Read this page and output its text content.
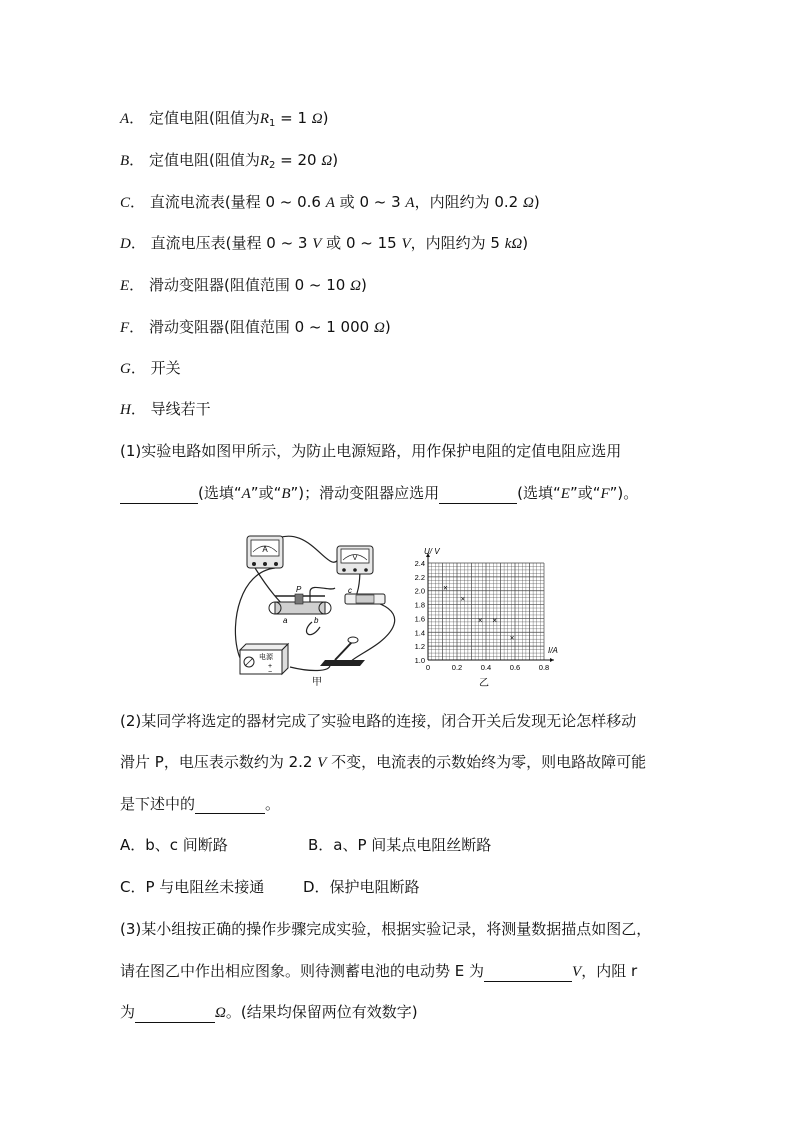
A． 定值电阻(阻值为$R_1 = 1$ Ω)
B． 定值电阻(阻值为$R_2 = 20$ Ω)
C． 直流电流表(量程 0 ~ 0.6 A 或 0 ~ 3 A，内阻约为 0.2 Ω)
D． 直流电压表(量程 0 ~ 3 V 或 0 ~ 15 V，内阻约为 5 kΩ)
E． 滑动变阻器(阻值范围 0 ~ 10 Ω)
F． 滑动变阻器(阻值范围 0 ~ 1 000 Ω)
G． 开关
H． 导线若干
(1)实验电路如图甲所示，为防止电源短路，用作保护电阻的定值电阻应选用
(选填“A”或“B”)；滑动变阻器应选用	(选填“E”或“F”)。
A
V
P
a	b
c
电源
+
−
甲
1.0
1.2
1.4
1.6
1.8
2.0
2.2
2.4
0	0.2 0.4 0.6 0.8
×
×
× ×
×
U/ V
I/A
乙
(2)某同学将选定的器材完成了实验电路的连接，闭合开关后发现无论怎样移动
滑片 P，电压表示数约为 2.2 V 不变，电流表的示数始终为零，则电路故障可能
是下述中的	。
A．b、c 间断路	B．a、P 间某点电阻丝断路
C．P 与电阻丝未接通	D．保护电阻断路
(3)某小组按正确的操作步骤完成实验，根据实验记录，将测量数据描点如图乙，
请在图乙中作出相应图象。则待测蓄电池的电动势 E 为	V，内阻 r
为	Ω。(结果均保留两位有效数字)
